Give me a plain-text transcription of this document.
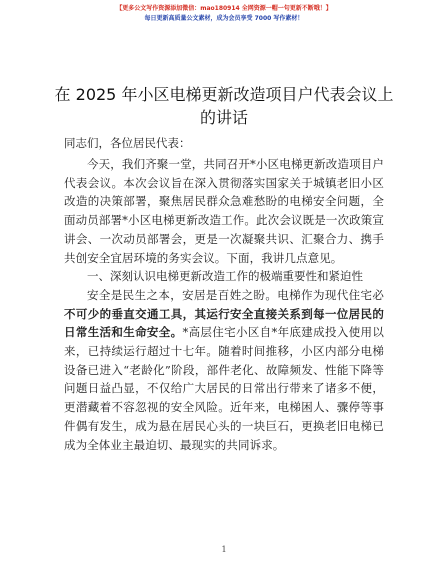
【更多公文写作资源添加微信：mao180914 全网资源一帽一句更新不断哦！】
每日更新高质量公文素材，成为会员享受 7000 写作素材！
在 2025 年小区电梯更新改造项目户代表会议上的讲话
同志们，各位居民代表：

今天，我们齐聚一堂，共同召开*小区电梯更新改造项目户代表会议。本次会议旨在深入贯彻落实国家关于城镇老旧小区改造的决策部署，聚焦居民群众急难愁盼的电梯安全问题，全面动员部署*小区电梯更新改造工作。此次会议既是一次政策宣讲会、一次动员部署会，更是一次凝聚共识、汇聚合力、携手共创安全宜居环境的务实会议。下面，我讲几点意见。

一、深刻认识电梯更新改造工作的极端重要性和紧迫性

安全是民生之本，安居是百姓之盼。电梯作为现代住宅必不可少的垂直交通工具，其运行安全直接关系到每一位居民的日常生活和生命安全。*高层住宅小区自*年底建成投入使用以来，已持续运行超过十七年。随着时间推移，小区内部分电梯设备已进入“老龄化”阶段，部件老化、故障频发、性能下降等问题日益凸显，不仅给广大居民的日常出行带来了诸多不便，更潜藏着不容忽视的安全风险。近年来，电梯困人、骤停等事件偶有发生，成为悬在居民心头的一块巨石，更换老旧电梯已成为全体业主最迫切、最现实的共同诉求。

1
